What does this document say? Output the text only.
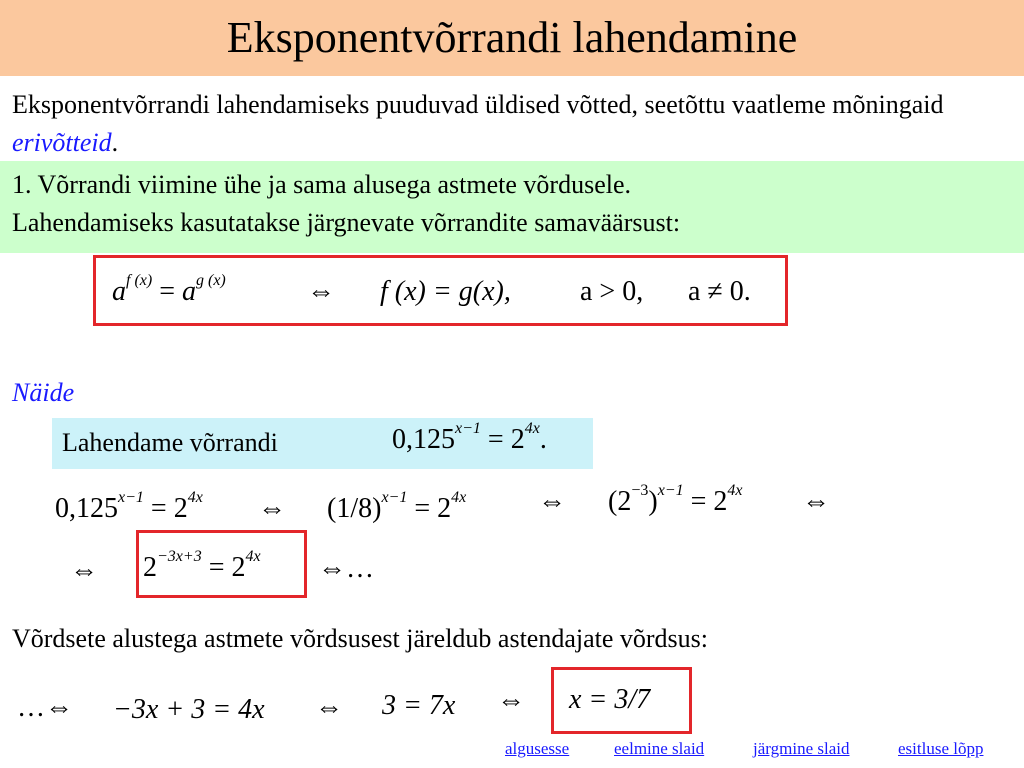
Eksponentvõrrandi lahendamine
Eksponentvõrrandi lahendamiseks puuduvad üldised võtted, seetõttu vaatleme mõningaid erivõtteid.
1. Võrrandi viimine ühe ja sama alusega astmete võrdusele.
Lahendamiseks kasutatakse järgnevate võrrandite samaväärsust:
$a^{f (x)} = a^{g (x)}$	⇔ f (x) = g(x), a > 0, a ≠ 0.
Näide
Lahendame võrrandi	$0,125^{x-1} = 2^{4x}$.
$0,125^{x-1} = 2^{4x}$ ⇔ $(1/8)^{x-1} = 2^{4x}$	⇔ $(2^{-3})^{x-1} = 2^{4x}$ ⇔
⇔ $2^{-3x+3} = 2^{4x}$ ⇔…
Võrdsete alustega astmete võrdsusest järeldub astendajate võrdsus:
…⇔ −3x + 3 = 4x ⇔ 3 = 7x ⇔ x = 3/7
algusesse	eelmine slaid	järgmine slaid	esitluse lõpp
